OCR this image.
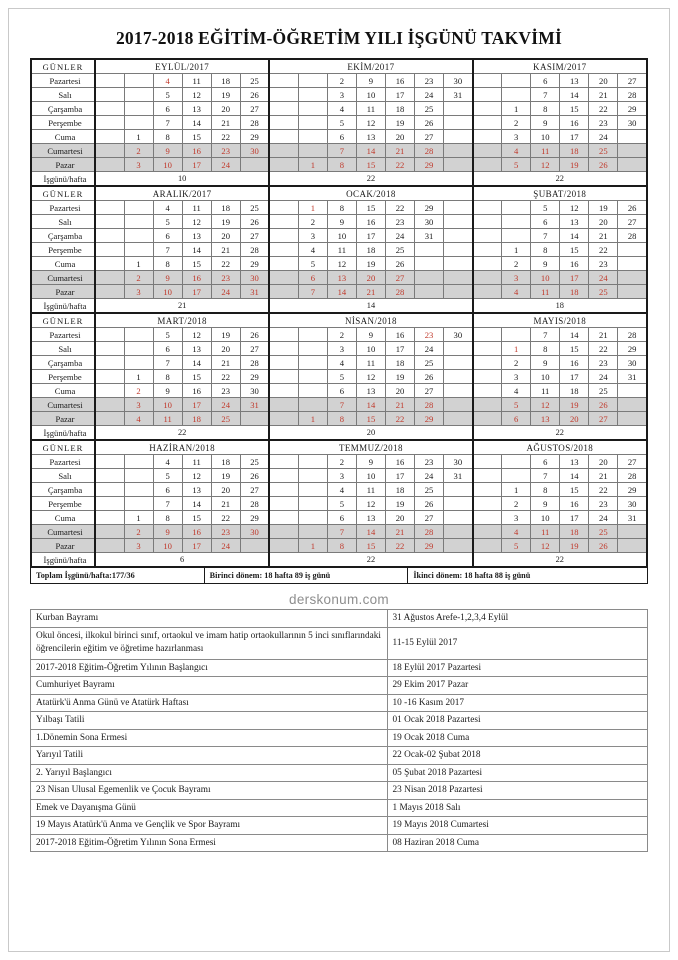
2017-2018 EĞİTİM-ÖĞRETİM YILI İŞGÜNÜ TAKVİMİ
GÜNLER	EYLÜL/2017						EKİM/2017							KASIM/2017					
Pazartesi			4	11	18	25			2	9	16	23	30			6	13	20	27
Salı			5	12	19	26			3	10	17	24	31			7	14	21	28
Çarşamba			6	13	20	27			4	11	18	25			1	8	15	22	29
Perşembe			7	14	21	28			5	12	19	26			2	9	16	23	30
Cuma		1	8	15	22	29			6	13	20	27			3	10	17	24	
Cumartesi		2	9	16	23	30			7	14	21	28			4	11	18	25	
Pazar		3	10	17	24			1	8	15	22	29			5	12	19	26	
İşgünü/hafta	10						22							22					
GÜNLER	ARALIK/2017						OCAK/2018							ŞUBAT/2018					
Pazartesi			4	11	18	25		1	8	15	22	29				5	12	19	26
Salı			5	12	19	26		2	9	16	23	30				6	13	20	27
Çarşamba			6	13	20	27		3	10	17	24	31				7	14	21	28
Perşembe			7	14	21	28		4	11	18	25				1	8	15	22	
Cuma		1	8	15	22	29		5	12	19	26				2	9	16	23	
Cumartesi		2	9	16	23	30		6	13	20	27				3	10	17	24	
Pazar		3	10	17	24	31		7	14	21	28				4	11	18	25	
İşgünü/hafta	21						14							18					
GÜNLER	MART/2018						NİSAN/2018							MAYIS/2018					
Pazartesi			5	12	19	26			2	9	16	23	30			7	14	21	28
Salı			6	13	20	27			3	10	17	24			1	8	15	22	29
Çarşamba			7	14	21	28			4	11	18	25			2	9	16	23	30
Perşembe		1	8	15	22	29			5	12	19	26			3	10	17	24	31
Cuma		2	9	16	23	30			6	13	20	27			4	11	18	25	
Cumartesi		3	10	17	24	31			7	14	21	28			5	12	19	26	
Pazar		4	11	18	25			1	8	15	22	29			6	13	20	27	
İşgünü/hafta	22						20							22					
GÜNLER	HAZİRAN/2018						TEMMUZ/2018							AĞUSTOS/2018					
Pazartesi			4	11	18	25			2	9	16	23	30			6	13	20	27
Salı			5	12	19	26			3	10	17	24	31			7	14	21	28
Çarşamba			6	13	20	27			4	11	18	25			1	8	15	22	29
Perşembe			7	14	21	28			5	12	19	26			2	9	16	23	30
Cuma		1	8	15	22	29			6	13	20	27			3	10	17	24	31
Cumartesi		2	9	16	23	30			7	14	21	28			4	11	18	25	
Pazar		3	10	17	24			1	8	15	22	29			5	12	19	26	
İşgünü/hafta	6						22							22					
Toplam İşgünü/hafta:177/36	Birinci dönem: 18 hafta 89 iş günü	İkinci dönem: 18 hafta 88 iş günü
derskonum.com
Kurban Bayramı	31 Ağustos Arefe-1,2,3,4 Eylül
Okul öncesi, ilkokul birinci sınıf, ortaokul ve imam hatip ortaokullarının 5 inci sınıflarındaki öğrencilerin eğitim ve öğretime hazırlanması	11-15 Eylül 2017
2017-2018 Eğitim-Öğretim Yılının Başlangıcı	18 Eylül 2017 Pazartesi
Cumhuriyet Bayramı	29 Ekim 2017 Pazar
Atatürk'ü Anma Günü ve Atatürk Haftası	10 -16 Kasım 2017
Yılbaşı Tatili	01 Ocak 2018 Pazartesi
1.Dönemin Sona Ermesi	19 Ocak 2018 Cuma
Yarıyıl Tatili	22 Ocak-02 Şubat 2018
2. Yarıyıl Başlangıcı	05 Şubat 2018 Pazartesi
23 Nisan Ulusal Egemenlik ve Çocuk Bayramı	23 Nisan 2018 Pazartesi
Emek ve Dayanışma Günü	1 Mayıs 2018 Salı
19 Mayıs Atatürk'ü Anma ve Gençlik ve Spor Bayramı	19 Mayıs 2018 Cumartesi
2017-2018 Eğitim-Öğretim Yılının Sona Ermesi	08 Haziran 2018 Cuma
